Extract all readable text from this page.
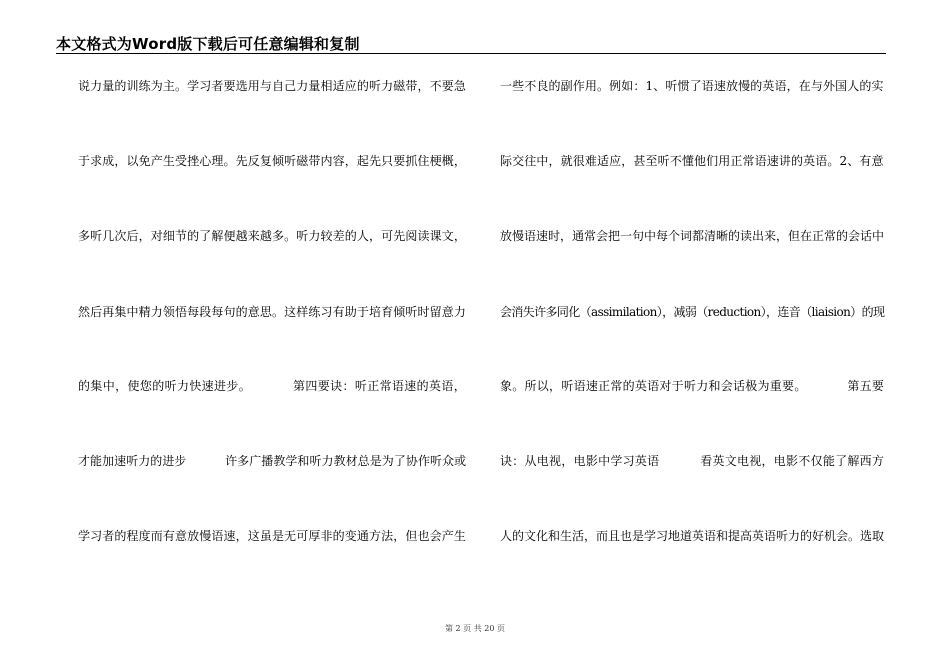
本文格式为Word版下载后可任意编辑和复制
说力量的训练为主。学习者要选用与自己力量相适应的听力磁带，不要急
于求成，以免产生受挫心理。先反复倾听磁带内容，起先只要抓住梗概，
多听几次后，对细节的了解便越来越多。听力较差的人，可先阅读课文，
然后再集中精力领悟每段每句的意思。这样练习有助于培育倾听时留意力
的集中，使您的听力快速进步。          第四要诀：听正常语速的英语，
才能加速听力的进步          许多广播教学和听力教材总是为了协作听众或
学习者的程度而有意放慢语速，这虽是无可厚非的变通方法，但也会产生
一些不良的副作用。例如：1、听惯了语速放慢的英语，在与外国人的实
际交往中，就很难适应，甚至听不懂他们用正常语速讲的英语。2、有意
放慢语速时，通常会把一句中每个词都清晰的读出来，但在正常的会话中
会消失许多同化（assimilation），减弱（reduction），连音（liaision）的现
象。所以，听语速正常的英语对于听力和会话极为重要。          第五要
诀：从电视，电影中学习英语          看英文电视，电影不仅能了解西方
人的文化和生活，而且也是学习地道英语和提高英语听力的好机会。选取
第 2 页 共 20 页
